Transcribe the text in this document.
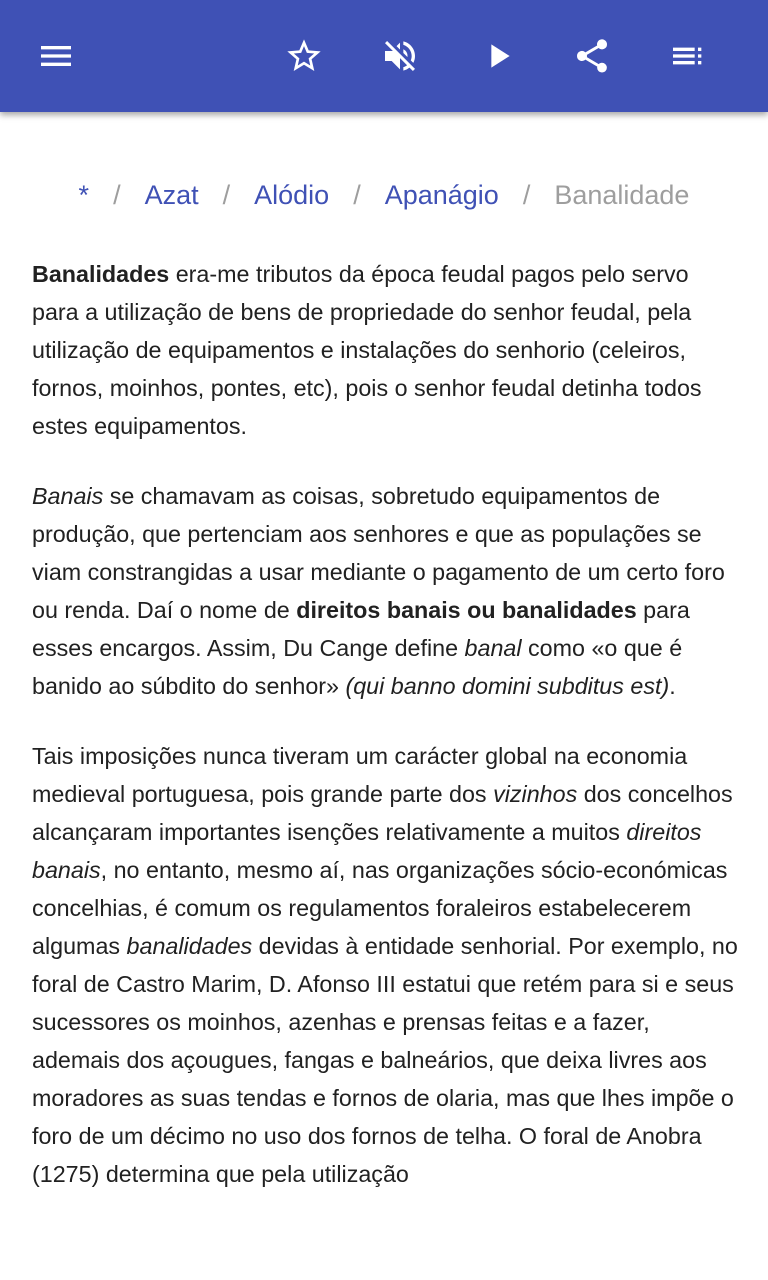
* / Azat / Alódio / Apanágio / Banalidade

Banalidades era-me tributos da época feudal pagos pelo servo para a utilização de bens de propriedade do senhor feudal, pela utilização de equipamentos e instalações do senhorio (celeiros, fornos, moinhos, pontes, etc), pois o senhor feudal detinha todos estes equipamentos.

Banais se chamavam as coisas, sobretudo equipamentos de produção, que pertenciam aos senhores e que as populações se viam constrangidas a usar mediante o pagamento de um certo foro ou renda. Daí o nome de direitos banais ou banalidades para esses encargos. Assim, Du Cange define banal como «o que é banido ao súbdito do senhor» (qui banno domini subditus est).

Tais imposições nunca tiveram um carácter global na economia medieval portuguesa, pois grande parte dos vizinhos dos concelhos alcançaram importantes isenções relativamente a muitos direitos banais, no entanto, mesmo aí, nas organizações sócio-económicas concelhias, é comum os regulamentos foraleiros estabelecerem algumas banalidades devidas à entidade senhorial. Por exemplo, no foral de Castro Marim, D. Afonso III estatui que retém para si e seus sucessores os moinhos, azenhas e prensas feitas e a fazer, ademais dos açougues, fangas e balneários, que deixa livres aos moradores as suas tendas e fornos de olaria, mas que lhes impõe o foro de um décimo no uso dos fornos de telha. O foral de Anobra (1275) determina que pela utilização
